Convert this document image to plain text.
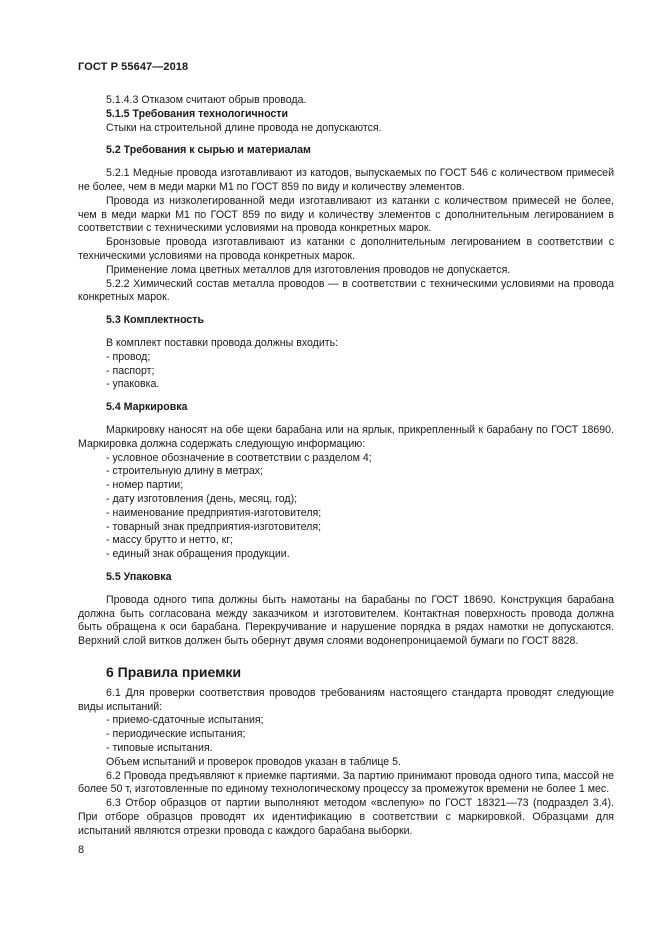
ГОСТ Р 55647—2018

5.1.4.3 Отказом считают обрыв провода.

5.1.5 Требования технологичности

Стыки на строительной длине провода не допускаются.

5.2 Требования к сырью и материалам

5.2.1 Медные провода изготавливают из катодов, выпускаемых по ГОСТ 546 с количеством примесей не более, чем в меди марки М1 по ГОСТ 859 по виду и количеству элементов.

Провода из низколегированной меди изготавливают из катанки с количеством примесей не более, чем в меди марки М1 по ГОСТ 859 по виду и количеству элементов с дополнительным легированием в соответствии с техническими условиями на провода конкретных марок.

Бронзовые провода изготавливают из катанки с дополнительным легированием в соответствии с техническими условиями на провода конкретных марок.

Применение лома цветных металлов для изготовления проводов не допускается.

5.2.2 Химический состав металла проводов — в соответствии с техническими условиями на провода конкретных марок.

5.3 Комплектность

В комплект поставки провода должны входить:

- провод;

- паспорт;

- упаковка.

5.4 Маркировка

Маркировку наносят на обе щеки барабана или на ярлык, прикрепленный к барабану по ГОСТ 18690. Маркировка должна содержать следующую информацию:

- условное обозначение в соответствии с разделом 4;

- строительную длину в метрах;

- номер партии;

- дату изготовления (день, месяц, год);

- наименование предприятия-изготовителя;

- товарный знак предприятия-изготовителя;

- массу брутто и нетто, кг;

- единый знак обращения продукции.

5.5 Упаковка

Провода одного типа должны быть намотаны на барабаны по ГОСТ 18690. Конструкция барабана должна быть согласована между заказчиком и изготовителем. Контактная поверхность провода должна быть обращена к оси барабана. Перекручивание и нарушение порядка в рядах намотки не допускаются. Верхний слой витков должен быть обернут двумя слоями водонепроницаемой бумаги по ГОСТ 8828.

6 Правила приемки

6.1 Для проверки соответствия проводов требованиям настоящего стандарта проводят следующие виды испытаний:

- приемо-сдаточные испытания;

- периодические испытания;

- типовые испытания.

Объем испытаний и проверок проводов указан в таблице 5.

6.2 Провода предъявляют к приемке партиями. За партию принимают провода одного типа, массой не более 50 т, изготовленные по единому технологическому процессу за промежуток времени не более 1 мес.

6.3 Отбор образцов от партии выполняют методом «вслепую» по ГОСТ 18321—73 (подраздел 3.4). При отборе образцов проводят их идентификацию в соответствии с маркировкой. Образцами для испытаний являются отрезки провода с каждого барабана выборки.

8
